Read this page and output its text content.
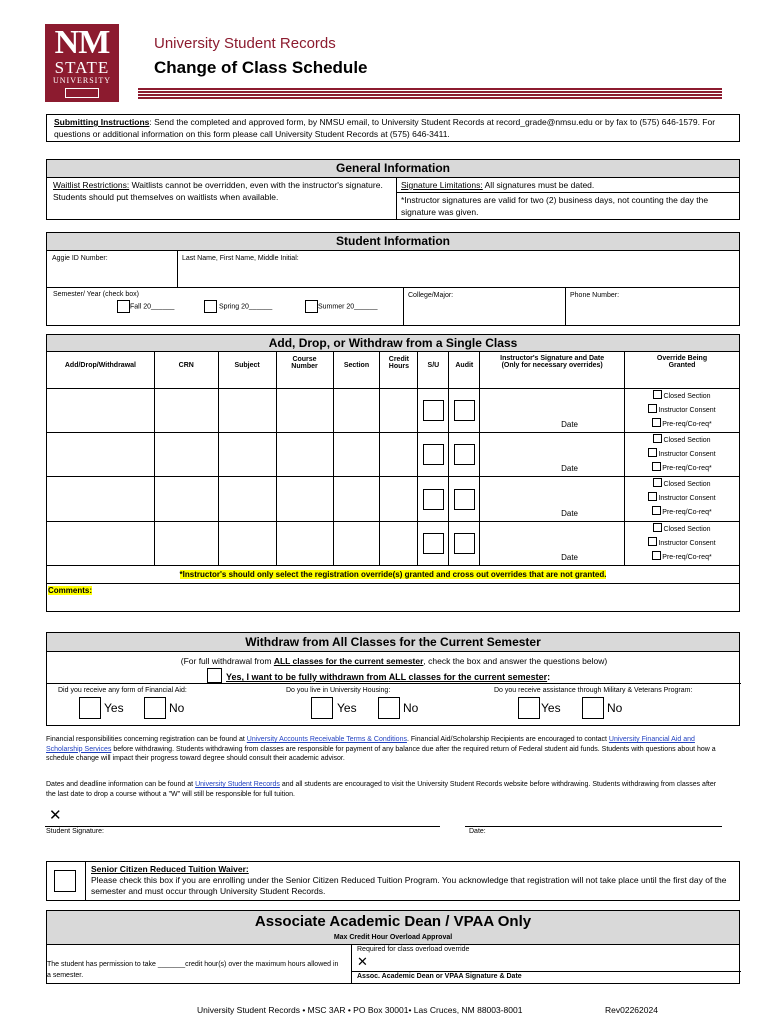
NM
STATE
UNIVERSITY
University Student Records
Change of Class Schedule
Submitting Instructions: Send the completed and approved form, by NMSU email, to University Student Records at record_grade@nmsu.edu or by fax to (575) 646-1579. For questions or additional information on this form please call University Student Records at (575) 646-3411.
General Information
Waitlist Restrictions: Waitlists cannot be overridden, even with the instructor's signature. Students should put themselves on waitlists when available.
Signature Limitations: All signatures must be dated.
*Instructor signatures are valid for two (2) business days, not counting the day the signature was given.
Student Information
Aggie ID Number:	Last Name, First Name, Middle Initial:
Semester/ Year (check box)
Fall 20______	Spring 20______	Summer 20______
College/Major:	Phone Number:
Add, Drop, or Withdraw from a Single Class
Add/Drop/Withdrawal	CRN	Subject	Course Number	Section	Credit Hours	S/U	Audit	Instructor's Signature and Date (Only for necessary overrides)	Override Being Granted
								Date	Closed Section
Instructor Consent
Pre-req/Co-req*

								Date	Closed Section
Instructor Consent
Pre-req/Co-req*

								Date	Closed Section
Instructor Consent
Pre-req/Co-req*

								Date	Closed Section
Instructor Consent
Pre-req/Co-req*

*Instructor's should only select the registration override(s) granted and cross out overrides that are not granted.									
Comments:									
Withdraw from All Classes for the Current Semester
(For full withdrawal from ALL classes for the current semester, check the box and answer the questions below)
Yes, I want to be fully withdrawn from ALL classes for the current semester:
Did you receive any form of Financial Aid:	Do you live in University Housing:	Do you receive assistance through Military & Veterans Program:
Yes	No	Yes	No	Yes	No
Financial responsibilities concerning registration can be found at University Accounts Receivable Terms & Conditions. Financial Aid/Scholarship Recipients are encouraged to contact University Financial Aid and Scholarship Services before withdrawing. Students withdrawing from classes are responsible for payment of any balance due after the required return of Federal student aid funds. Students with questions about how a schedule change will impact their progress toward degree should consult their academic advisor.
Dates and deadline information can be found at University Student Records and all students are encouraged to visit the University Student Records website before withdrawing. Students withdrawing from classes after the last date to drop a course without a "W" will still be responsible for full tuition.
✕
Student Signature:	Date:
Senior Citizen Reduced Tuition Waiver:
Please check this box if you are enrolling under the Senior Citizen Reduced Tuition Program. You acknowledge that registration will not take place until the first day of the semester and must occur through University Student Records.
Associate Academic Dean / VPAA Only
Max Credit Hour Overload Approval
The student has permission to take _______credit hour(s) over the maximum hours allowed in a semester.
Required for class overload override
✕
Assoc. Academic Dean or VPAA Signature & Date
University Student Records • MSC 3AR • PO Box 30001• Las Cruces, NM 88003-8001	Rev02262024
